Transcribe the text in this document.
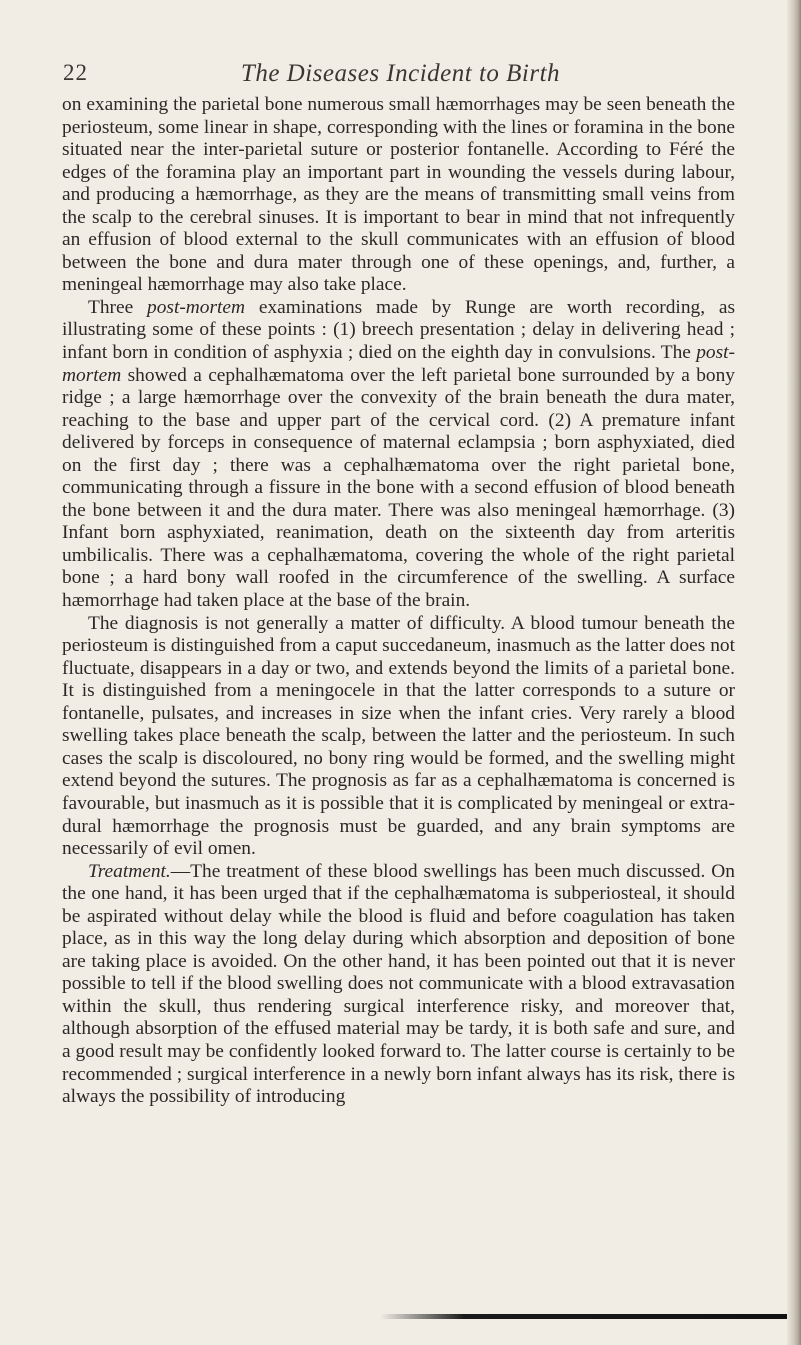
22	The Diseases Incident to Birth

on examining the parietal bone numerous small hæmorrhages may be seen beneath the periosteum, some linear in shape, corresponding with the lines or foramina in the bone situated near the inter-parietal suture or posterior fontanelle. According to Féré the edges of the foramina play an important part in wounding the vessels during labour, and producing a hæmorrhage, as they are the means of transmitting small veins from the scalp to the cerebral sinuses. It is important to bear in mind that not infrequently an effusion of blood external to the skull communicates with an effusion of blood between the bone and dura mater through one of these openings, and, further, a meningeal hæmorrhage may also take place.

Three post-mortem examinations made by Runge are worth recording, as illustrating some of these points : (1) breech presentation ; delay in delivering head ; infant born in condition of asphyxia ; died on the eighth day in convulsions. The post-mortem showed a cephalhæmatoma over the left parietal bone surrounded by a bony ridge ; a large hæmorrhage over the convexity of the brain beneath the dura mater, reaching to the base and upper part of the cervical cord. (2) A premature infant delivered by forceps in consequence of maternal eclampsia ; born asphyxiated, died on the first day ; there was a cephalhæmatoma over the right parietal bone, communicating through a fissure in the bone with a second effusion of blood beneath the bone between it and the dura mater. There was also meningeal hæmorrhage. (3) Infant born asphyxiated, reanimation, death on the sixteenth day from arteritis umbilicalis. There was a cephalhæmatoma, covering the whole of the right parietal bone ; a hard bony wall roofed in the circumference of the swelling. A surface hæmorrhage had taken place at the base of the brain.

The diagnosis is not generally a matter of difficulty. A blood tumour beneath the periosteum is distinguished from a caput succedaneum, inasmuch as the latter does not fluctuate, disappears in a day or two, and extends beyond the limits of a parietal bone. It is distinguished from a meningocele in that the latter corresponds to a suture or fontanelle, pulsates, and increases in size when the infant cries. Very rarely a blood swelling takes place beneath the scalp, between the latter and the periosteum. In such cases the scalp is discoloured, no bony ring would be formed, and the swelling might extend beyond the sutures. The prognosis as far as a cephalhæmatoma is concerned is favourable, but inasmuch as it is possible that it is complicated by meningeal or extra-dural hæmorrhage the prognosis must be guarded, and any brain symptoms are necessarily of evil omen.

Treatment.—The treatment of these blood swellings has been much discussed. On the one hand, it has been urged that if the cephalhæmatoma is subperiosteal, it should be aspirated without delay while the blood is fluid and before coagulation has taken place, as in this way the long delay during which absorption and deposition of bone are taking place is avoided. On the other hand, it has been pointed out that it is never possible to tell if the blood swelling does not communicate with a blood extravasation within the skull, thus rendering surgical interference risky, and moreover that, although absorption of the effused material may be tardy, it is both safe and sure, and a good result may be confidently looked forward to. The latter course is certainly to be recommended ; surgical interference in a newly born infant always has its risk, there is always the possibility of introducing
